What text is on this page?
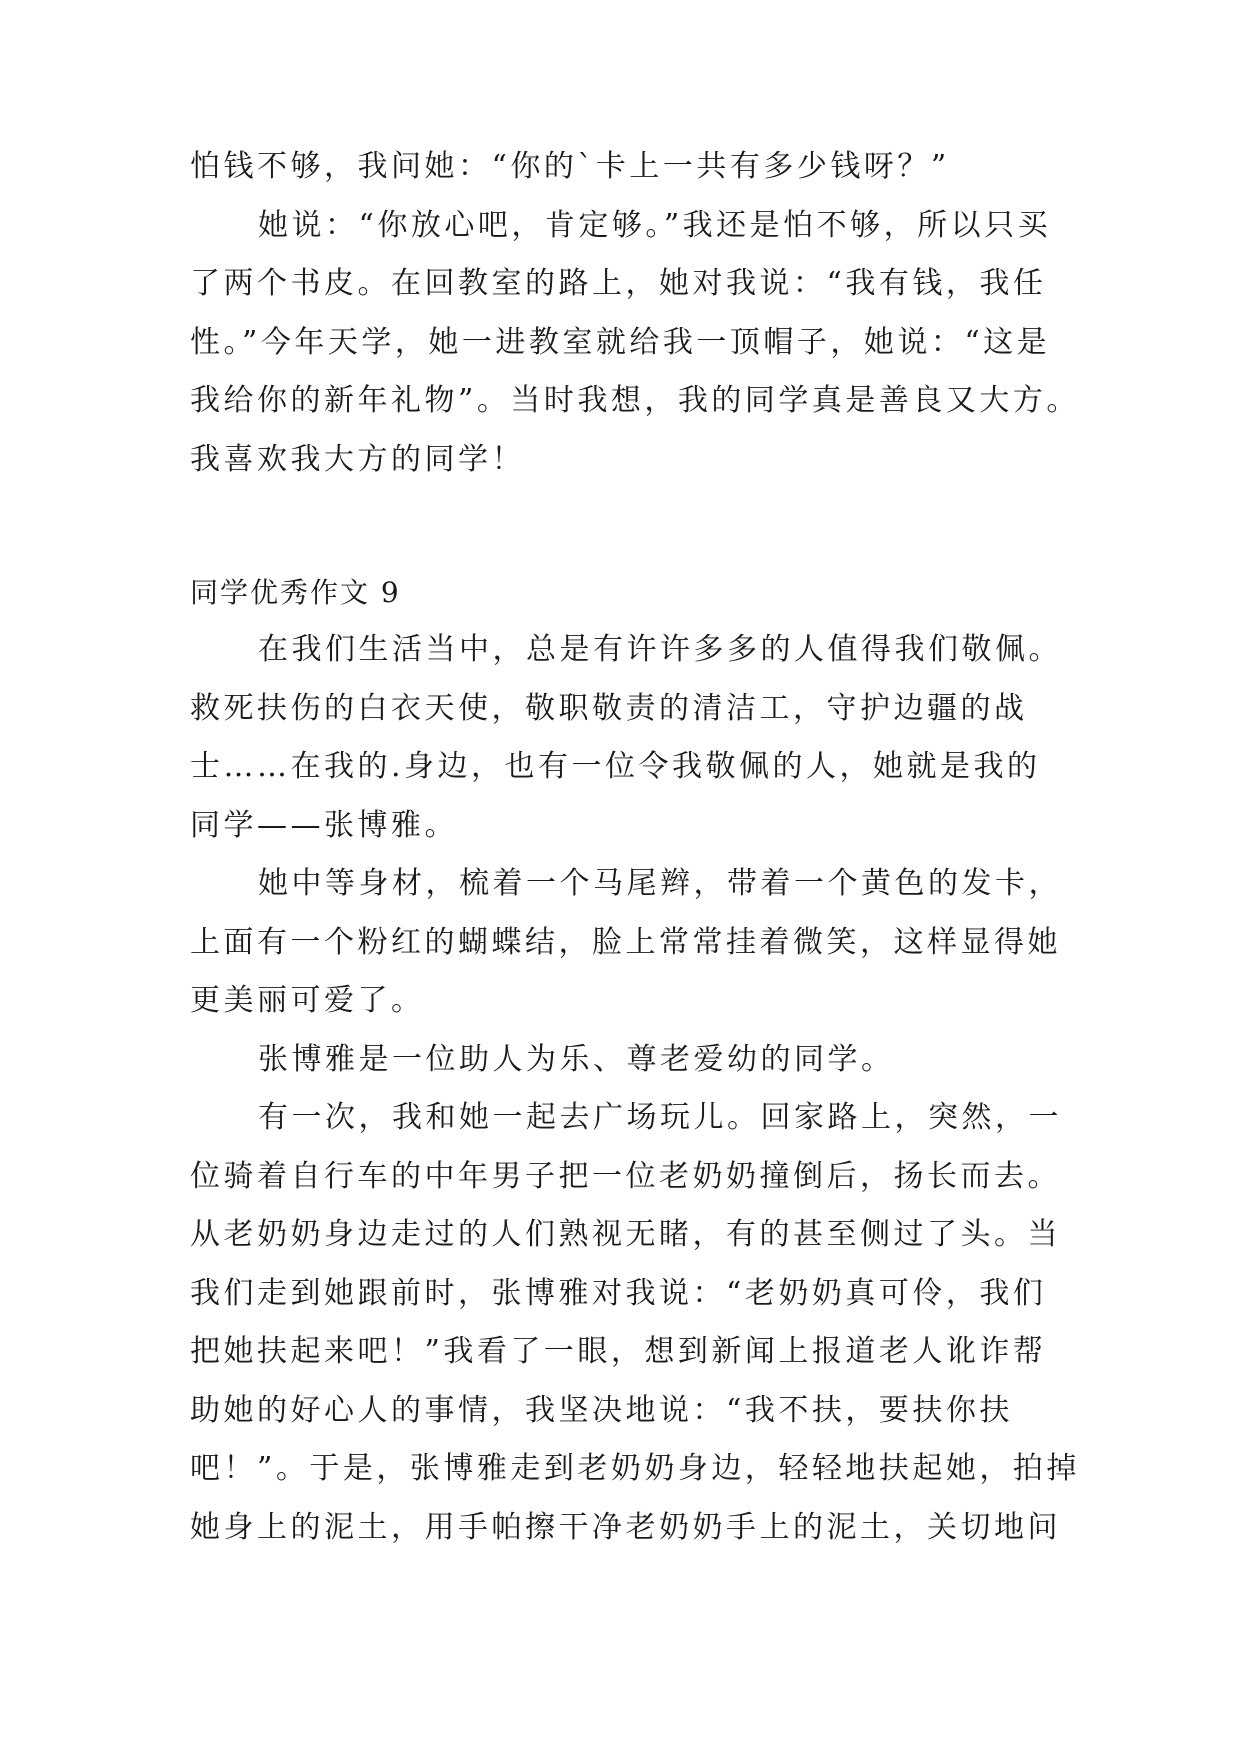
怕钱不够，我问她：“你的`卡上一共有多少钱呀？”
她说：“你放心吧，肯定够。”我还是怕不够，所以只买
了两个书皮。在回教室的路上，她对我说：“我有钱，我任
性。”今年天学，她一进教室就给我一顶帽子，她说：“这是
我给你的新年礼物”。当时我想，我的同学真是善良又大方。
我喜欢我大方的同学！
同学优秀作文 9
在我们生活当中，总是有许许多多的人值得我们敬佩。
救死扶伤的白衣天使，敬职敬责的清洁工，守护边疆的战
士……在我的.身边，也有一位令我敬佩的人，她就是我的
同学——张博雅。
她中等身材，梳着一个马尾辫，带着一个黄色的发卡，
上面有一个粉红的蝴蝶结，脸上常常挂着微笑，这样显得她
更美丽可爱了。
张博雅是一位助人为乐、尊老爱幼的同学。
有一次，我和她一起去广场玩儿。回家路上，突然，一
位骑着自行车的中年男子把一位老奶奶撞倒后，扬长而去。
从老奶奶身边走过的人们熟视无睹，有的甚至侧过了头。当
我们走到她跟前时，张博雅对我说：“老奶奶真可伶，我们
把她扶起来吧！”我看了一眼，想到新闻上报道老人讹诈帮
助她的好心人的事情，我坚决地说：“我不扶，要扶你扶
吧！”。于是，张博雅走到老奶奶身边，轻轻地扶起她，拍掉
她身上的泥土，用手帕擦干净老奶奶手上的泥土，关切地问
